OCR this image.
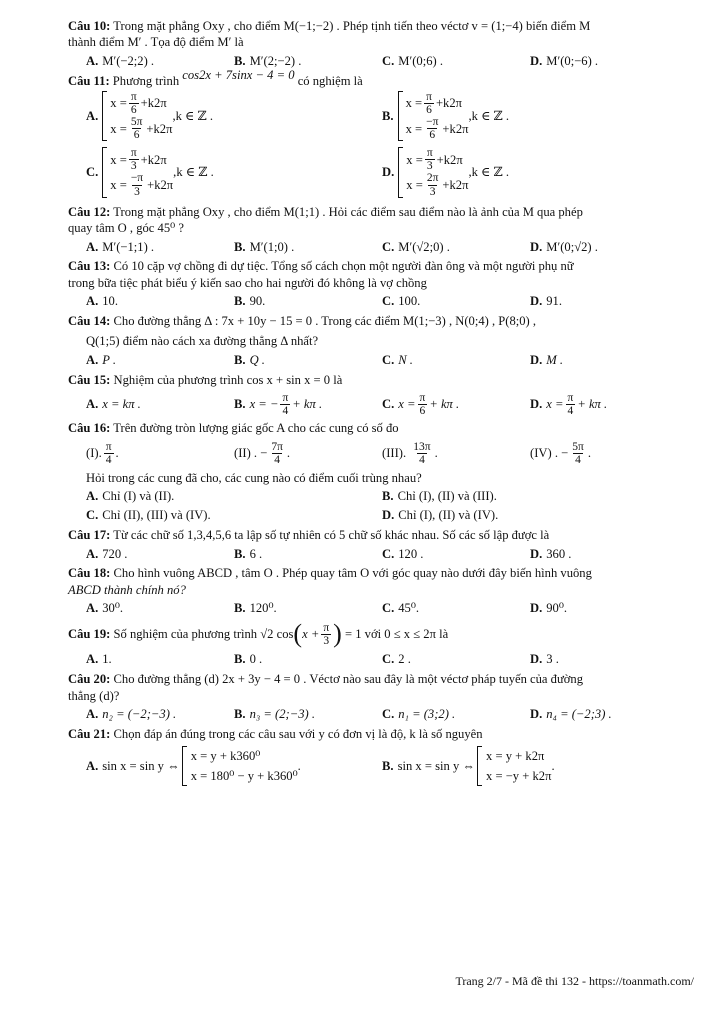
Câu 10: Trong mặt phẳng Oxy , cho điểm M(−1;−2) . Phép tịnh tiến theo véctơ v = (1;−4) biến điểm M
thành điểm M′ . Tọa độ điểm M′ là
A. M′(−2;2) .	B. M′(2;−2) .	C. M′(0;6) .	D. M′(0;−6) .
Câu 11: Phương trình cos2x + 7sinx − 4 = 0 có nghiệm là
A.
$x = \frac{\pi}{6} +k2\pi$
$x = \frac{5\pi}{6} +k2\pi$
,k ∈ ℤ .	B.
$x = \frac{\pi}{6} +k2\pi$
$x = \frac{-\pi}{6} +k2\pi$
,k ∈ ℤ .
C.
$x = \frac{\pi}{3} +k2\pi$
$x = \frac{-\pi}{3} +k2\pi$
,k ∈ ℤ .	D.
$x = \frac{\pi}{3} +k2\pi$
$x = \frac{2\pi}{3} +k2\pi$
,k ∈ ℤ .
Câu 12: Trong mặt phẳng Oxy , cho điểm M(1;1) . Hỏi các điểm sau điểm nào là ảnh của M qua phép
quay tâm O , góc 45⁰ ?
A. M′(−1;1) .	B. M′(1;0) .	C. M′(√2;0) .	D. M′(0;√2) .
Câu 13: Có 10 cặp vợ chồng đi dự tiệc. Tổng số cách chọn một người đàn ông và một người phụ nữ
trong bữa tiệc phát biểu ý kiến sao cho hai người đó không là vợ chồng
A. 10.	B. 90.	C. 100.	D. 91.
Câu 14: Cho đường thẳng Δ : 7x + 10y − 15 = 0 . Trong các điểm M(1;−3) , N(0;4) , P(8;0) ,
Q(1;5) điểm nào cách xa đường thẳng Δ nhất?
A. P .	B. Q .	C. N .	D. M .
Câu 15: Nghiệm của phương trình cos x + sin x = 0 là
A. x = kπ .	B. x = − $\frac{\pi}{4} + k\pi$ .	C. $x = \frac{\pi}{6} + k\pi$ .	D. $x = \frac{\pi}{4} + k\pi$ .
Câu 16: Trên đường tròn lượng giác gốc A cho các cung có số đo
(I). $\frac{\pi}{4}$ .	(II) .
− $\frac{7\pi}{4}$ .	(III).
$\frac{13\pi}{4}$ .	(IV) .
− $\frac{5\pi}{4}$ .
Hỏi trong các cung đã cho, các cung nào có điểm cuối trùng nhau?
A. Chỉ (I) và (II).	B. Chỉ (I), (II) và (III).
C. Chỉ (II), (III) và (IV).	D. Chỉ (I), (II) và (IV).
Câu 17: Từ các chữ số 1,3,4,5,6 ta lập số tự nhiên có 5 chữ số khác nhau. Số các số lập được là
A. 720 .	B. 6 .	C. 120 .	D. 360 .
Câu 18: Cho hình vuông ABCD , tâm O . Phép quay tâm O với góc quay nào dưới đây biến hình vuông
ABCD thành chính nó?
A. 30⁰.	B. 120⁰.	C. 45⁰.	D. 90⁰.
Câu 19:
Số nghiệm của phương trình √2 cos ( $x + \frac{\pi}{3}$ )
= 1 với 0 ≤ x ≤ 2π là
A. 1.	B. 0 .	C. 2 .	D. 3 .
Câu 20: Cho đường thẳng (d) 2x + 3y − 4 = 0 . Véctơ nào sau đây là một véctơ pháp tuyến của đường
thẳng (d)?
A. n₂ = (−2;−3) .	B. n₃ = (2;−3) .	C. n₁ = (3;2) .	D. n₄ = (−2;3) .
Câu 21: Chọn đáp án đúng trong các câu sau với y có đơn vị là độ, k là số nguyên
A. sin x = sin y ⇔
x = y + k360⁰
x = 180⁰ − y + k360⁰
.	B. sin x = sin y ⇔
x = y + k2π
x = −y + k2π
.
Trang 2/7 - Mã đề thi 132 - https://toanmath.com/
